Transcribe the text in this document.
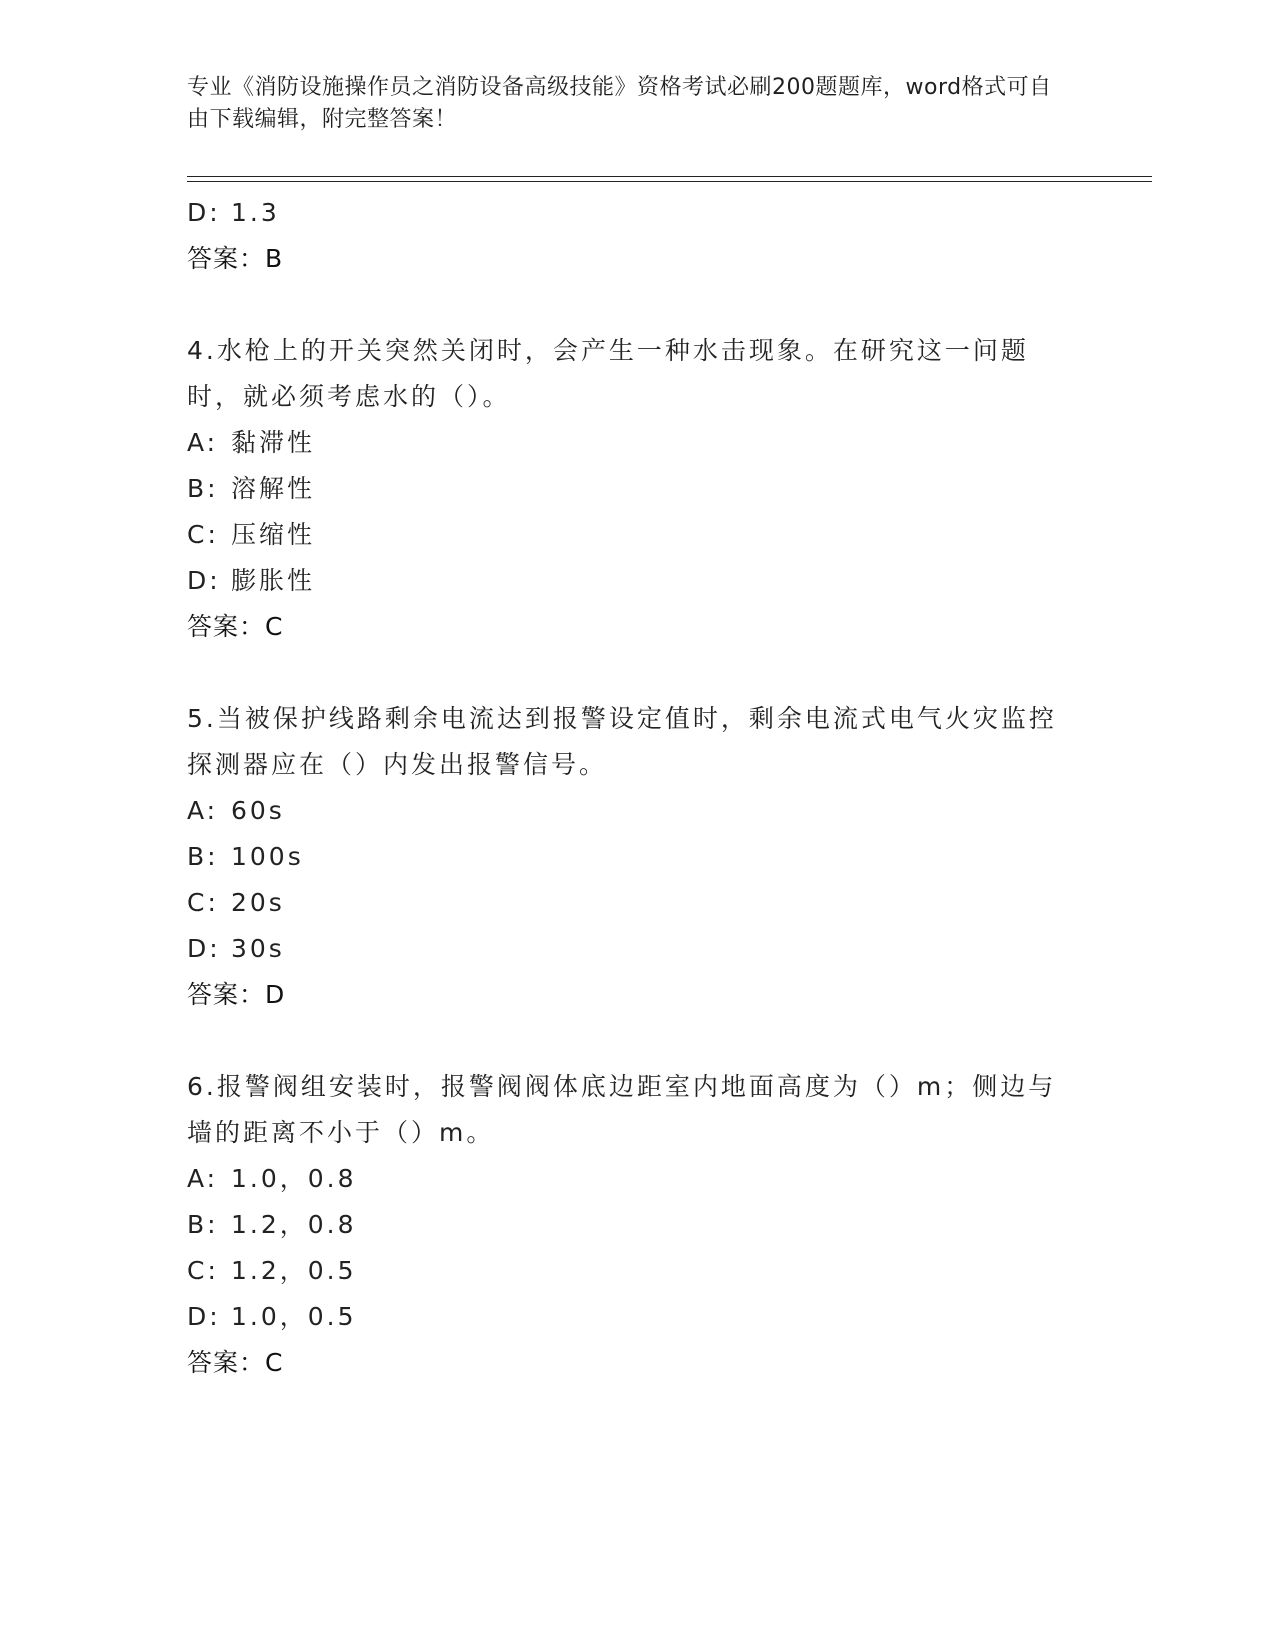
专业《消防设施操作员之消防设备高级技能》资格考试必刷200题题库，word格式可自由下载编辑，附完整答案！
D: 1.3
答案：B
4.水枪上的开关突然关闭时，会产生一种水击现象。在研究这一问题时，就必须考虑水的（）。
A: 黏滞性
B: 溶解性
C: 压缩性
D: 膨胀性
答案：C
5.当被保护线路剩余电流达到报警设定值时，剩余电流式电气火灾监控探测器应在（）内发出报警信号。
A: 60s
B: 100s
C: 20s
D: 30s
答案：D
6.报警阀组安装时，报警阀阀体底边距室内地面高度为（）m；侧边与墙的距离不小于（）m。
A: 1.0，0.8
B: 1.2，0.8
C: 1.2，0.5
D: 1.0，0.5
答案：C
